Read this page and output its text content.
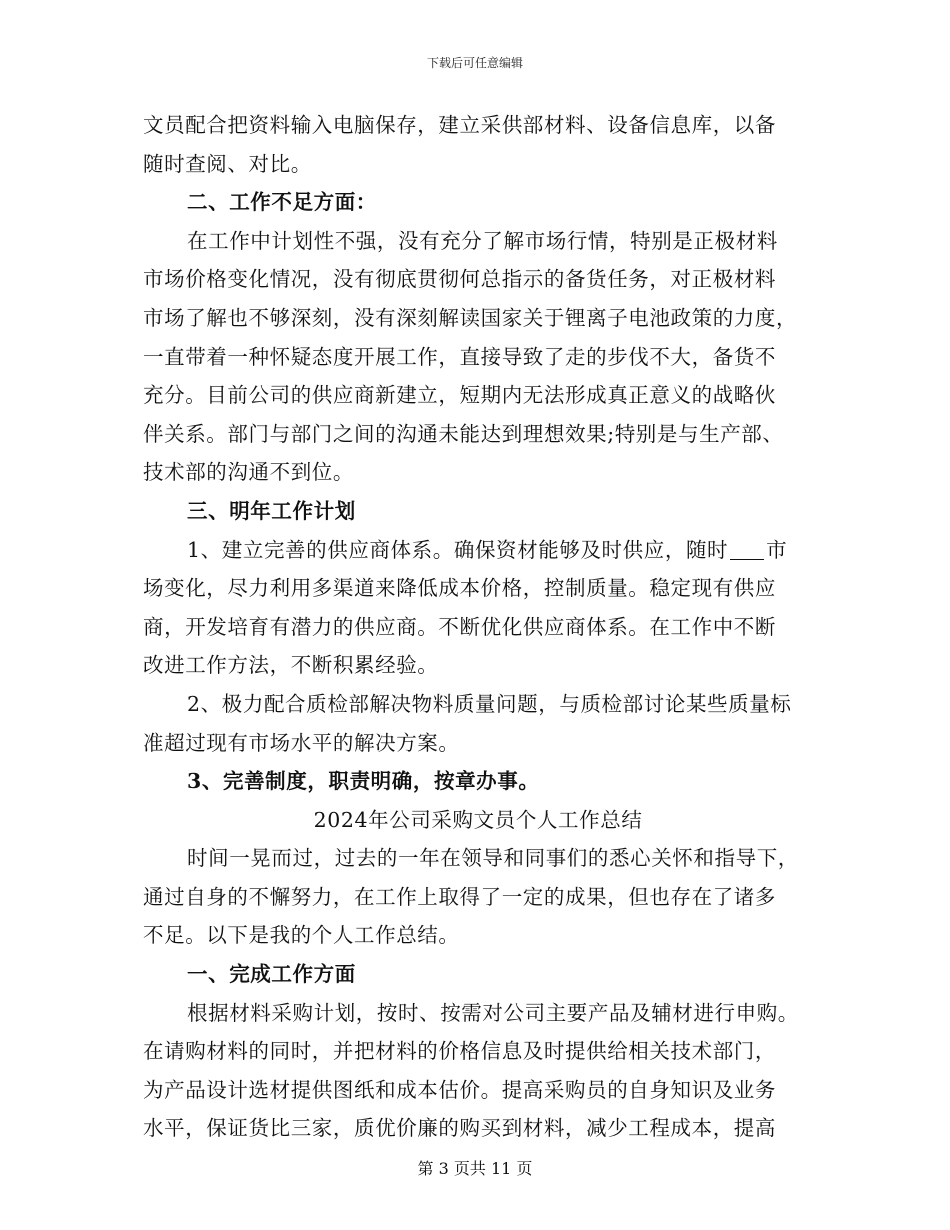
下载后可任意编辑
文员配合把资料输入电脑保存，建立采供部材料、设备信息库，以备
随时查阅、对比。
二、工作不足方面：
在工作中计划性不强，没有充分了解市场行情，特别是正极材料
市场价格变化情况，没有彻底贯彻何总指示的备货任务，对正极材料
市场了解也不够深刻，没有深刻解读国家关于锂离子电池政策的力度，
一直带着一种怀疑态度开展工作，直接导致了走的步伐不大，备货不
充分。目前公司的供应商新建立，短期内无法形成真正意义的战略伙
伴关系。部门与部门之间的沟通未能达到理想效果;特别是与生产部、
技术部的沟通不到位。
三、明年工作计划
1、建立完善的供应商体系。确保资材能够及时供应，随时 市
场变化，尽力利用多渠道来降低成本价格，控制质量。稳定现有供应
商，开发培育有潜力的供应商。不断优化供应商体系。在工作中不断
改进工作方法，不断积累经验。
2、极力配合质检部解决物料质量问题，与质检部讨论某些质量标
准超过现有市场水平的解决方案。
3、完善制度，职责明确，按章办事。
2024年公司采购文员个人工作总结
时间一晃而过，过去的一年在领导和同事们的悉心关怀和指导下，
通过自身的不懈努力，在工作上取得了一定的成果，但也存在了诸多
不足。以下是我的个人工作总结。
一、完成工作方面
根据材料采购计划，按时、按需对公司主要产品及辅材进行申购。
在请购材料的同时，并把材料的价格信息及时提供给相关技术部门，
为产品设计选材提供图纸和成本估价。提高采购员的自身知识及业务
水平，保证货比三家，质优价廉的购买到材料，减少工程成本，提高
第 3 页共 11 页
